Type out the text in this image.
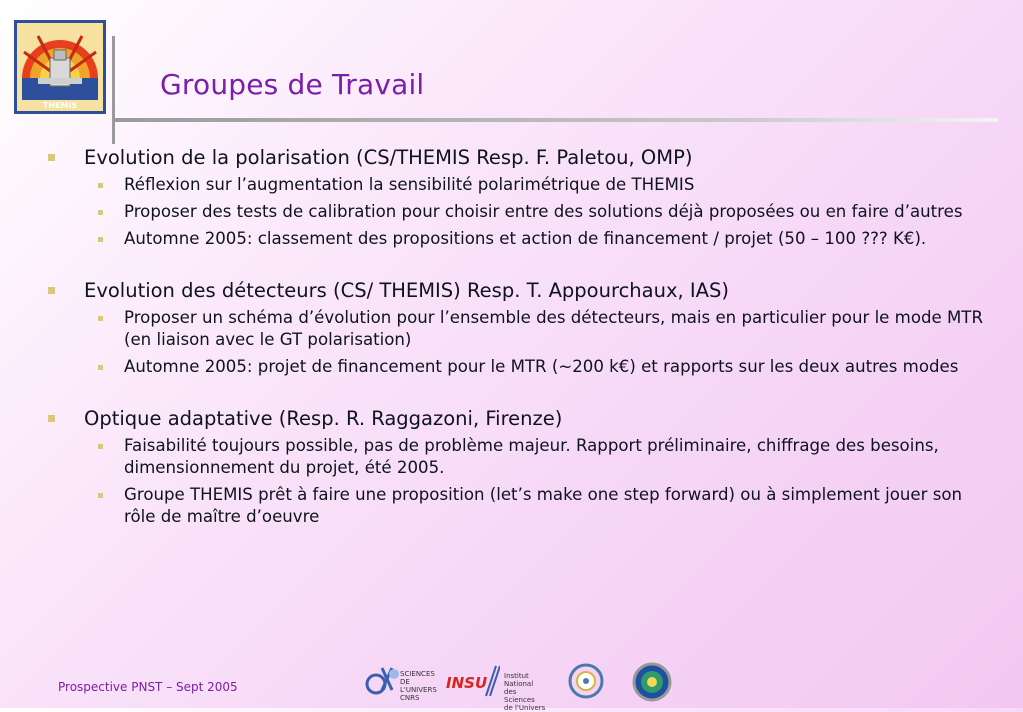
THEMIS
Groupes de Travail
Evolution de la polarisation (CS/THEMIS Resp. F. Paletou, OMP)
Réflexion sur l’augmentation la sensibilité polarimétrique de THEMIS
Proposer des tests de calibration pour choisir entre des solutions déjà proposées ou en faire d’autres
Automne 2005: classement des propositions et action de financement / projet (50 – 100 ??? K€).
Evolution des détecteurs (CS/ THEMIS) Resp. T. Appourchaux, IAS)
Proposer un schéma d’évolution pour l’ensemble des détecteurs, mais en particulier pour le mode MTR (en liaison avec le GT polarisation)
Automne 2005: projet de financement pour le MTR (~200 k€) et rapports sur les deux autres modes
Optique adaptative (Resp. R. Raggazoni, Firenze)
Faisabilité toujours possible, pas de problème majeur. Rapport préliminaire, chiffrage des besoins, dimensionnement du projet, été 2005.
Groupe THEMIS prêt à faire une proposition (let’s make one step forward) ou à simplement jouer son rôle de maître d’oeuvre
Prospective PNST – Sept 2005
SCIENCES
DE L'UNIVERS
CNRS
INSU Institut National
des Sciences
de l'Univers
